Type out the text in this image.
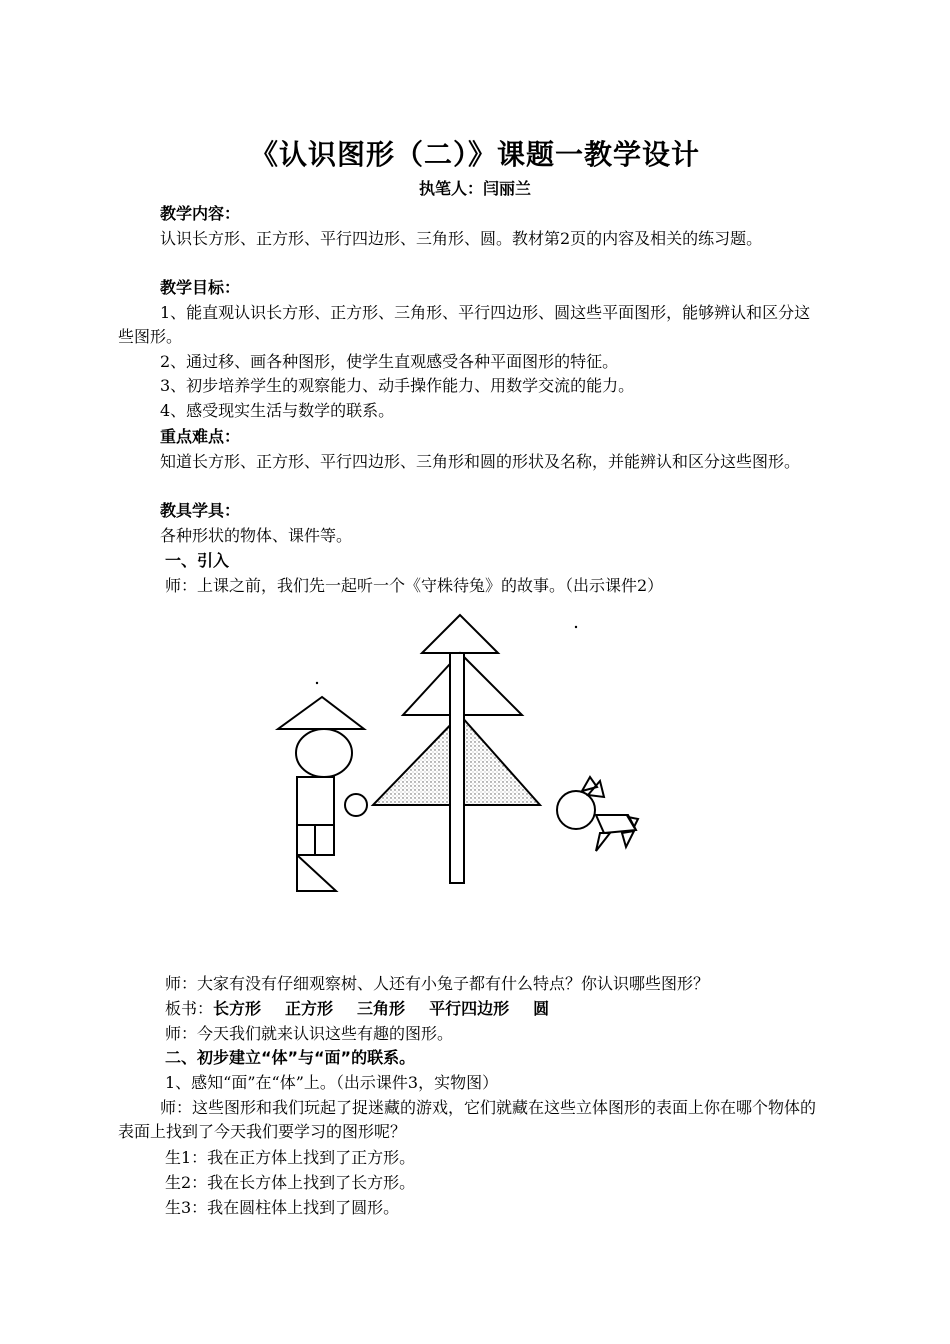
《认识图形（二）》课题一教学设计
执笔人：闫丽兰
教学内容：
认识长方形、正方形、平行四边形、三角形、圆。教材第2页的内容及相关的练习题。
教学目标：
1、能直观认识长方形、正方形、三角形、平行四边形、圆这些平面图形，能够辨认和区分这些图形。
2、通过移、画各种图形，使学生直观感受各种平面图形的特征。
3、初步培养学生的观察能力、动手操作能力、用数学交流的能力。
4、感受现实生活与数学的联系。
重点难点：
知道长方形、正方形、平行四边形、三角形和圆的形状及名称，并能辨认和区分这些图形。
教具学具：
各种形状的物体、课件等。
一、引入
师：上课之前，我们先一起听一个《守株待兔》的故事。（出示课件2）
师：大家有没有仔细观察树、人还有小兔子都有什么特点？你认识哪些图形？
板书：长方形 正方形 三角形 平行四边形 圆
师：今天我们就来认识这些有趣的图形。
二、初步建立“体”与“面”的联系。
1、感知“面”在“体”上。（出示课件3，实物图）
师：这些图形和我们玩起了捉迷藏的游戏，它们就藏在这些立体图形的表面上你在哪个物体的表面上找到了今天我们要学习的图形呢？
生1：我在正方体上找到了正方形。
生2：我在长方体上找到了长方形。
生3：我在圆柱体上找到了圆形。
